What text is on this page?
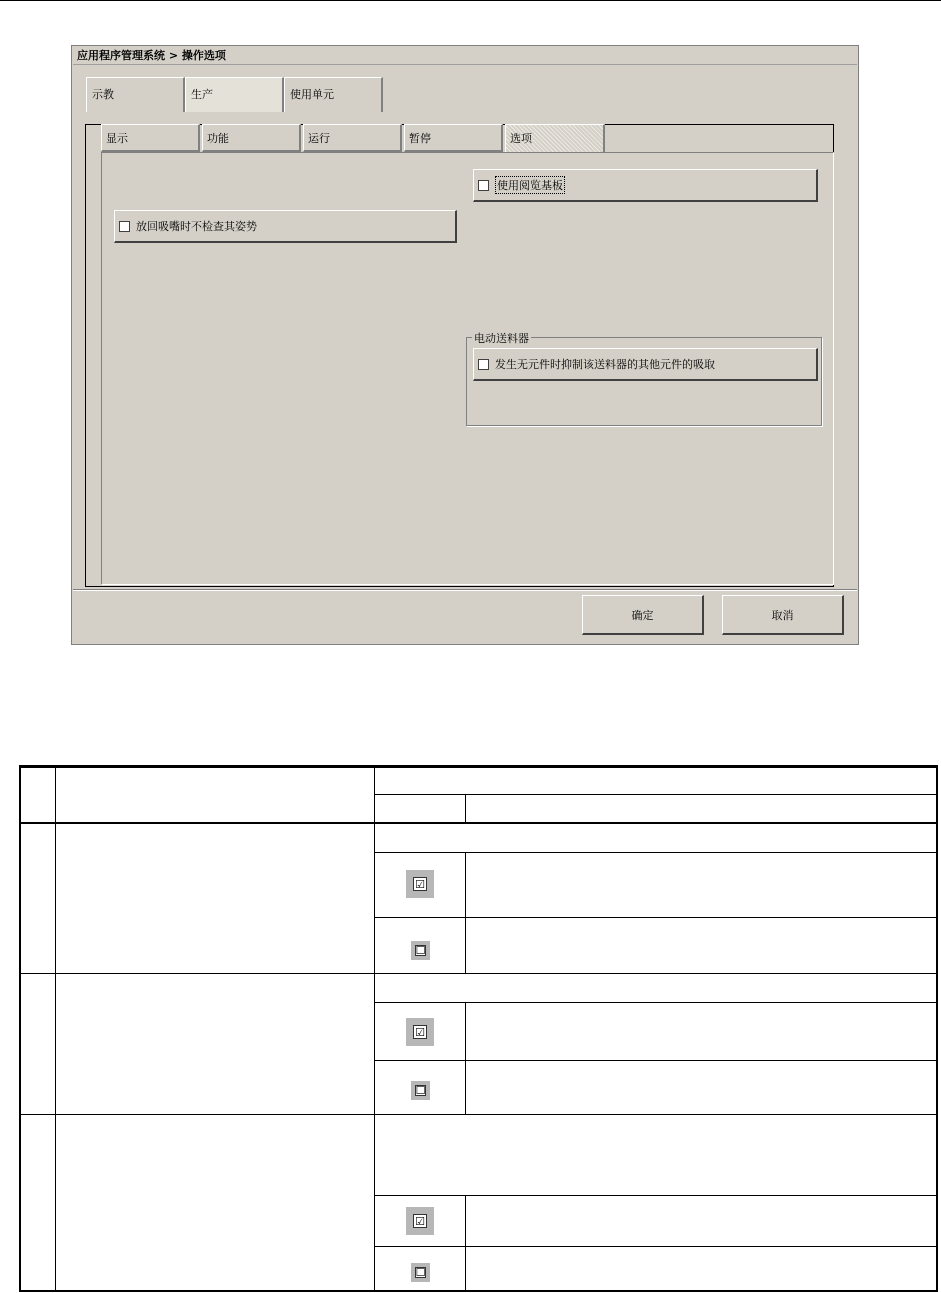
应用程序管理系统 > 操作选项
示教	生产	使用单元
显示	功能	运行	暂停	选项
使用阅览基板
放回吸嘴时不检查其姿势
电动送料器
发生无元件时抑制该送料器的其他元件的吸取
确定	取消
☑
☐
☑
☐
☑
☐
